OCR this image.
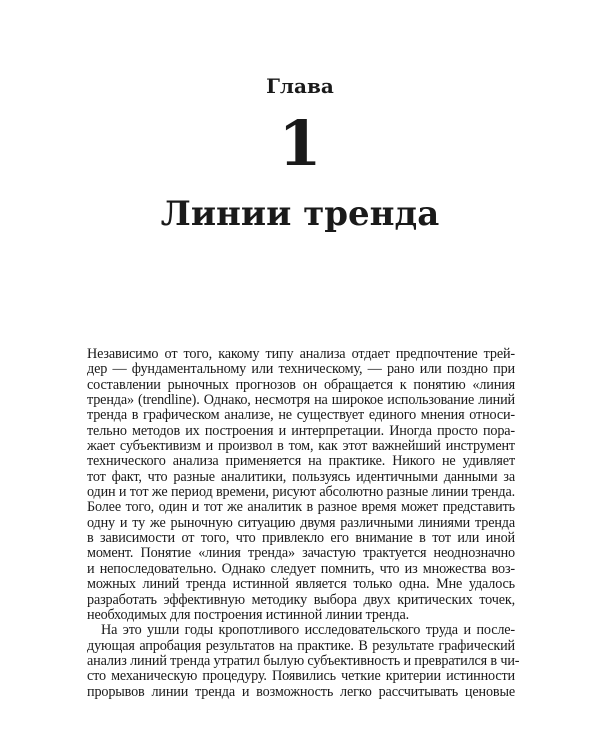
Глава
1
Линии тренда
Независимо от того, какому типу анализа отдает предпочтение трей-
дер — фундаментальному или техническому, — рано или поздно при
составлении рыночных прогнозов он обращается к понятию «линия
тренда» (trendline). Однако, несмотря на широкое использование линий
тренда в графическом анализе, не существует единого мнения относи-
тельно методов их построения и интерпретации. Иногда просто пора-
жает субъективизм и произвол в том, как этот важнейший инструмент
технического анализа применяется на практике. Никого не удивляет
тот факт, что разные аналитики, пользуясь идентичными данными за
один и тот же период времени, рисуют абсолютно разные линии тренда.
Более того, один и тот же аналитик в разное время может представить
одну и ту же рыночную ситуацию двумя различными линиями тренда
в зависимости от того, что привлекло его внимание в тот или иной
момент. Понятие «линия тренда» зачастую трактуется неоднозначно
и непоследовательно. Однако следует помнить, что из множества воз-
можных линий тренда истинной является только одна. Мне удалось
разработать эффективную методику выбора двух критических точек,
необходимых для построения истинной линии тренда.
На это ушли годы кропотливого исследовательского труда и после-
дующая апробация результатов на практике. В результате графический
анализ линий тренда утратил былую субъективность и превратился в чи-
сто механическую процедуру. Появились четкие критерии истинности
прорывов линии тренда и возможность легко рассчитывать ценовые
